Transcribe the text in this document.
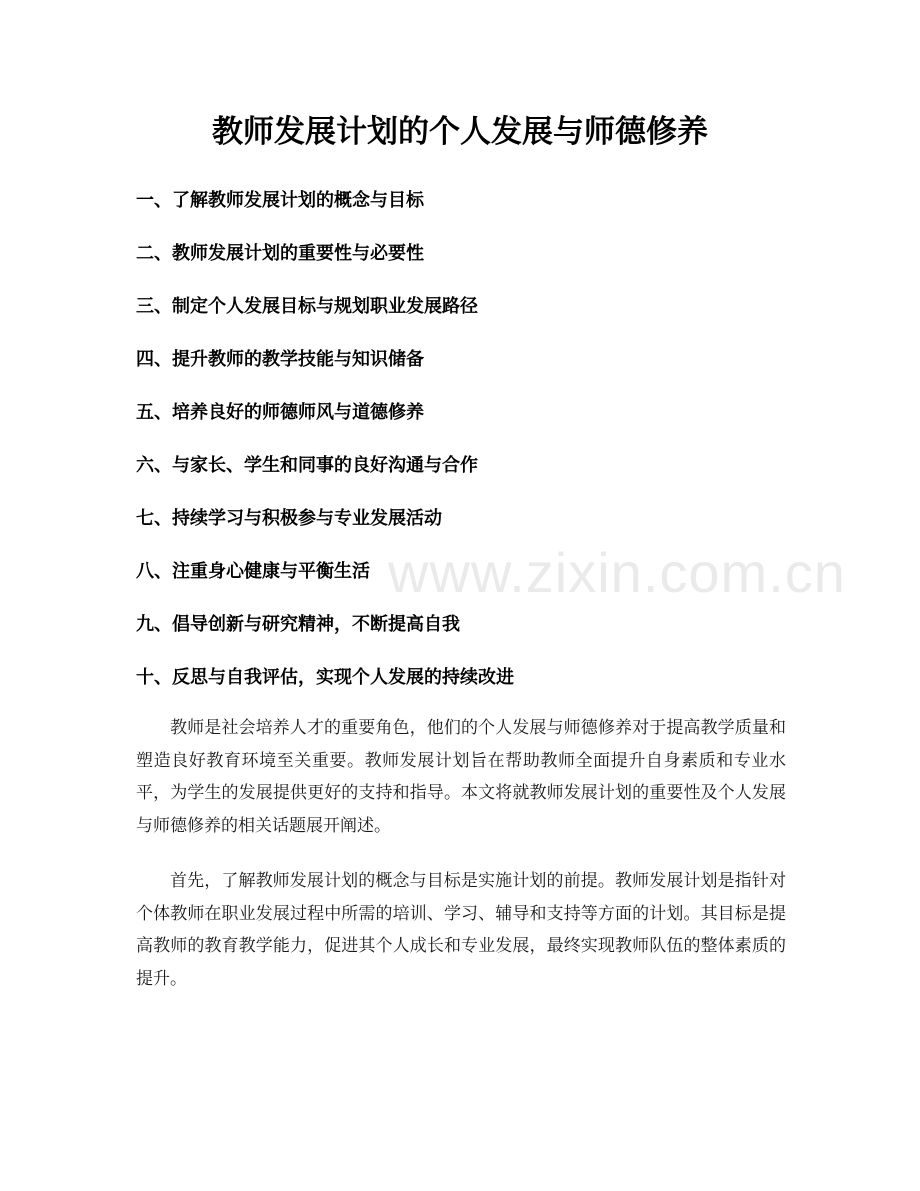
教师发展计划的个人发展与师德修养
一、了解教师发展计划的概念与目标
二、教师发展计划的重要性与必要性
三、制定个人发展目标与规划职业发展路径
四、提升教师的教学技能与知识储备
五、培养良好的师德师风与道德修养
六、与家长、学生和同事的良好沟通与合作
七、持续学习与积极参与专业发展活动
八、注重身心健康与平衡生活
九、倡导创新与研究精神，不断提高自我
十、反思与自我评估，实现个人发展的持续改进

教师是社会培养人才的重要角色，他们的个人发展与师德修养对于提高教学质量和塑造良好教育环境至关重要。教师发展计划旨在帮助教师全面提升自身素质和专业水平，为学生的发展提供更好的支持和指导。本文将就教师发展计划的重要性及个人发展与师德修养的相关话题展开阐述。

首先，了解教师发展计划的概念与目标是实施计划的前提。教师发展计划是指针对个体教师在职业发展过程中所需的培训、学习、辅导和支持等方面的计划。其目标是提高教师的教育教学能力，促进其个人成长和专业发展，最终实现教师队伍的整体素质的提升。

www.zixin.com.cn
